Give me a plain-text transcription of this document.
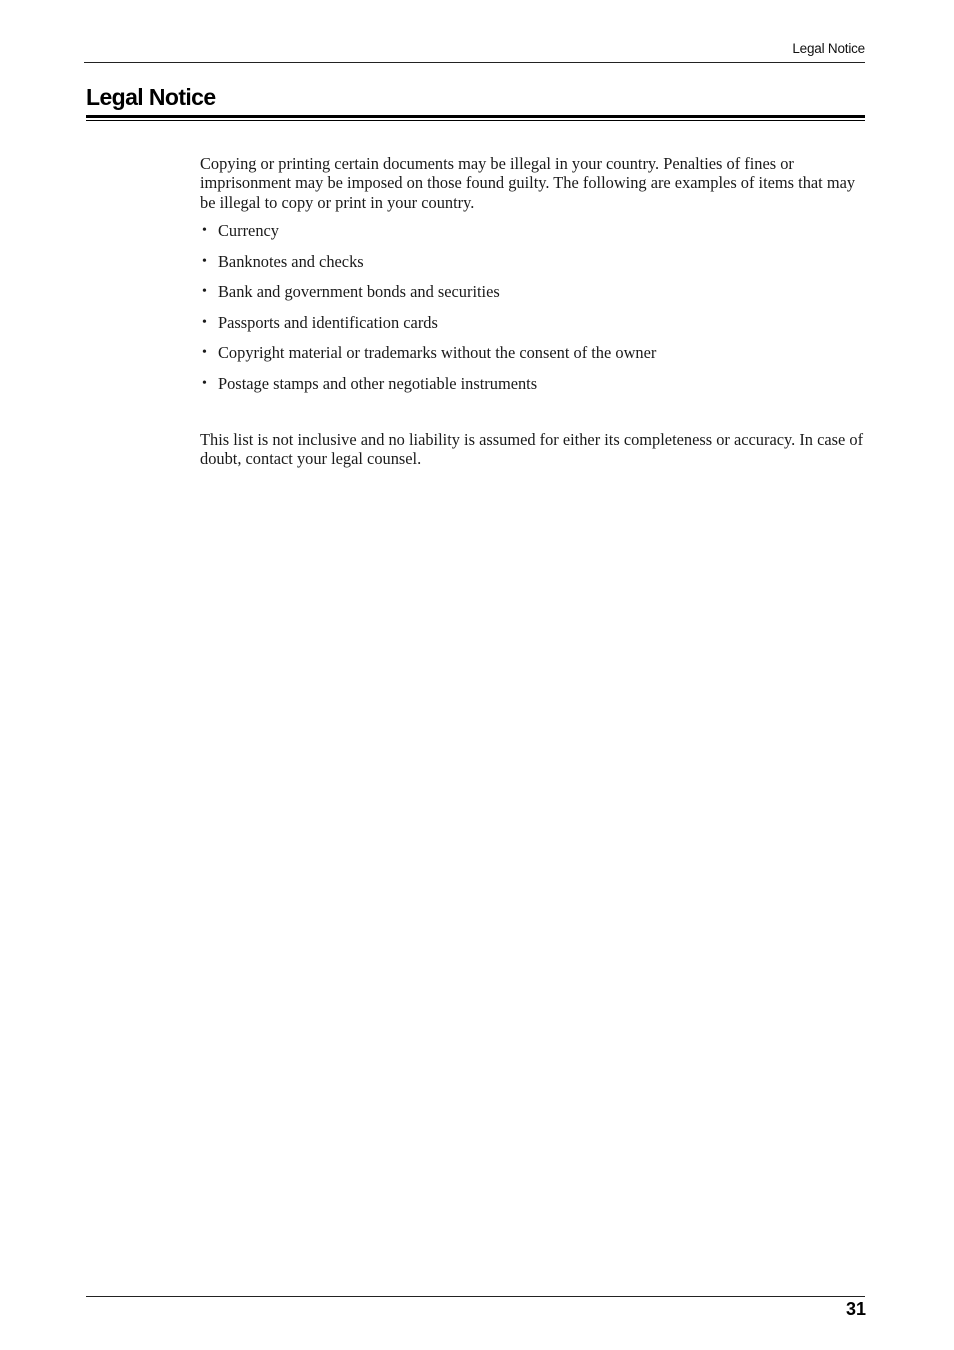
Legal Notice
Legal Notice

Copying or printing certain documents may be illegal in your country. Penalties of fines or imprisonment may be imposed on those found guilty. The following are examples of items that may be illegal to copy or print in your country.

• Currency
• Banknotes and checks
• Bank and government bonds and securities
• Passports and identification cards
• Copyright material or trademarks without the consent of the owner
• Postage stamps and other negotiable instruments

This list is not inclusive and no liability is assumed for either its completeness or accuracy. In case of doubt, contact your legal counsel.

31
